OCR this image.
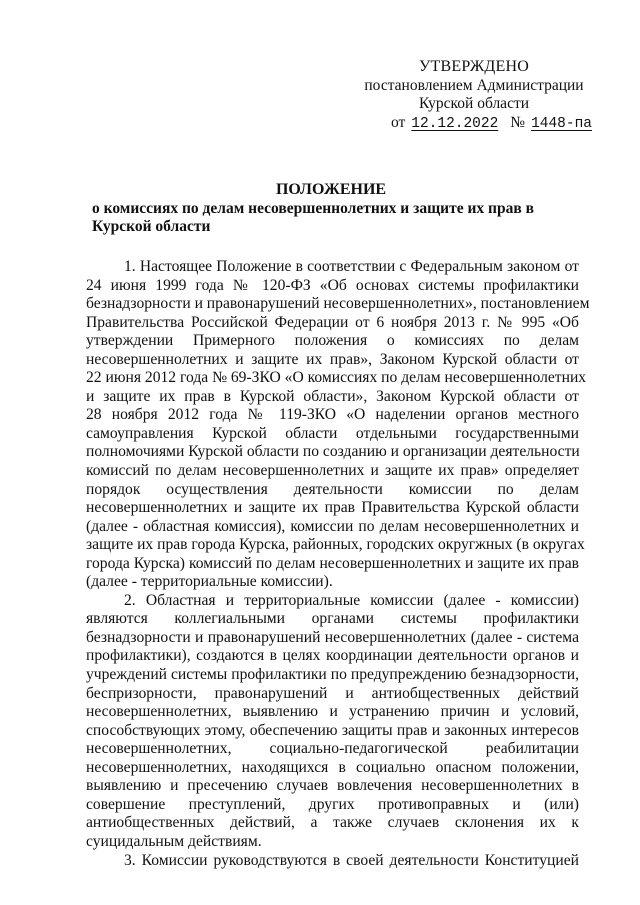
УТВЕРЖДЕНО
постановлением Администрации
Курской области
от 12.12.2022 № 1448-па
ПОЛОЖЕНИЕ
о комиссиях по делам несовершеннолетних и защите их прав в
Курской области
1. Настоящее Положение в соответствии с Федеральным законом от
24 июня 1999 года № 120-ФЗ «Об основах системы профилактики
безнадзорности и правонарушений несовершеннолетних», постановлением
Правительства Российской Федерации от 6 ноября 2013 г. № 995 «Об
утверждении Примерного положения о комиссиях по делам
несовершеннолетних и защите их прав», Законом Курской области от
22 июня 2012 года № 69-ЗКО «О комиссиях по делам несовершеннолетних
и защите их прав в Курской области», Законом Курской области от
28 ноября 2012 года № 119-ЗКО «О наделении органов местного
самоуправления Курской области отдельными государственными
полномочиями Курской области по созданию и организации деятельности
комиссий по делам несовершеннолетних и защите их прав» определяет
порядок осуществления деятельности комиссии по делам
несовершеннолетних и защите их прав Правительства Курской области
(далее - областная комиссия), комиссии по делам несовершеннолетних и
защите их прав города Курска, районных, городских округжных (в округах
города Курска) комиссий по делам несовершеннолетних и защите их прав
(далее - территориальные комиссии).
2. Областная и территориальные комиссии (далее - комиссии)
являются коллегиальными органами системы профилактики
безнадзорности и правонарушений несовершеннолетних (далее - система
профилактики), создаются в целях координации деятельности органов и
учреждений системы профилактики по предупреждению безнадзорности,
беспризорности, правонарушений и антиобщественных действий
несовершеннолетних, выявлению и устранению причин и условий,
способствующих этому, обеспечению защиты прав и законных интересов
несовершеннолетних, социально-педагогической реабилитации
несовершеннолетних, находящихся в социально опасном положении,
выявлению и пресечению случаев вовлечения несовершеннолетних в
совершение преступлений, других противоправных и (или)
антиобщественных действий, а также случаев склонения их к
суицидальным действиям.
3. Комиссии руководствуются в своей деятельности Конституцией
